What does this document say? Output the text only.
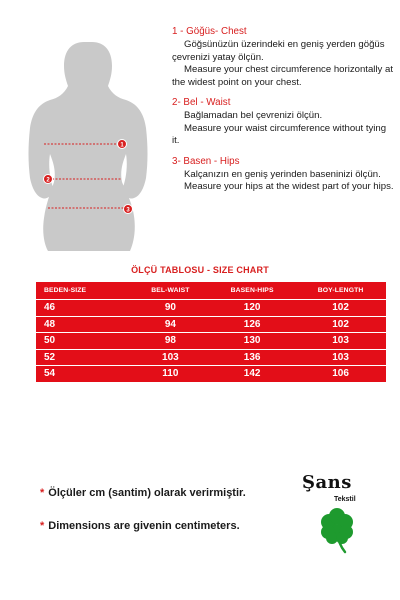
1
2
3
1 - Göğüs- Chest

Göğsünüzün üzerindeki en geniş yerden göğüs çevrenizi yatay ölçün.

Measure your chest circumference horizontally at the widest point on your chest.

2- Bel - Waist

Bağlamadan bel çevrenizi ölçün.

Measure your waist circumference without tying it.

3- Basen - Hips

Kalçanızın en geniş yerinden baseninizi ölçün.

Measure your hips at the widest part of your hips.

ÖLÇÜ TABLOSU - SIZE CHART
BEDEN-SIZE	BEL-WAIST	BASEN-HIPS	BOY-LENGTH
46	90	120	102
48	94	126	102
50	98	130	103
52	103	136	103
54	110	142	106
* Ölçüler cm (santim) olarak verirmiştir.
* Dimensions are givenin centimeters.
Şans
Tekstil
